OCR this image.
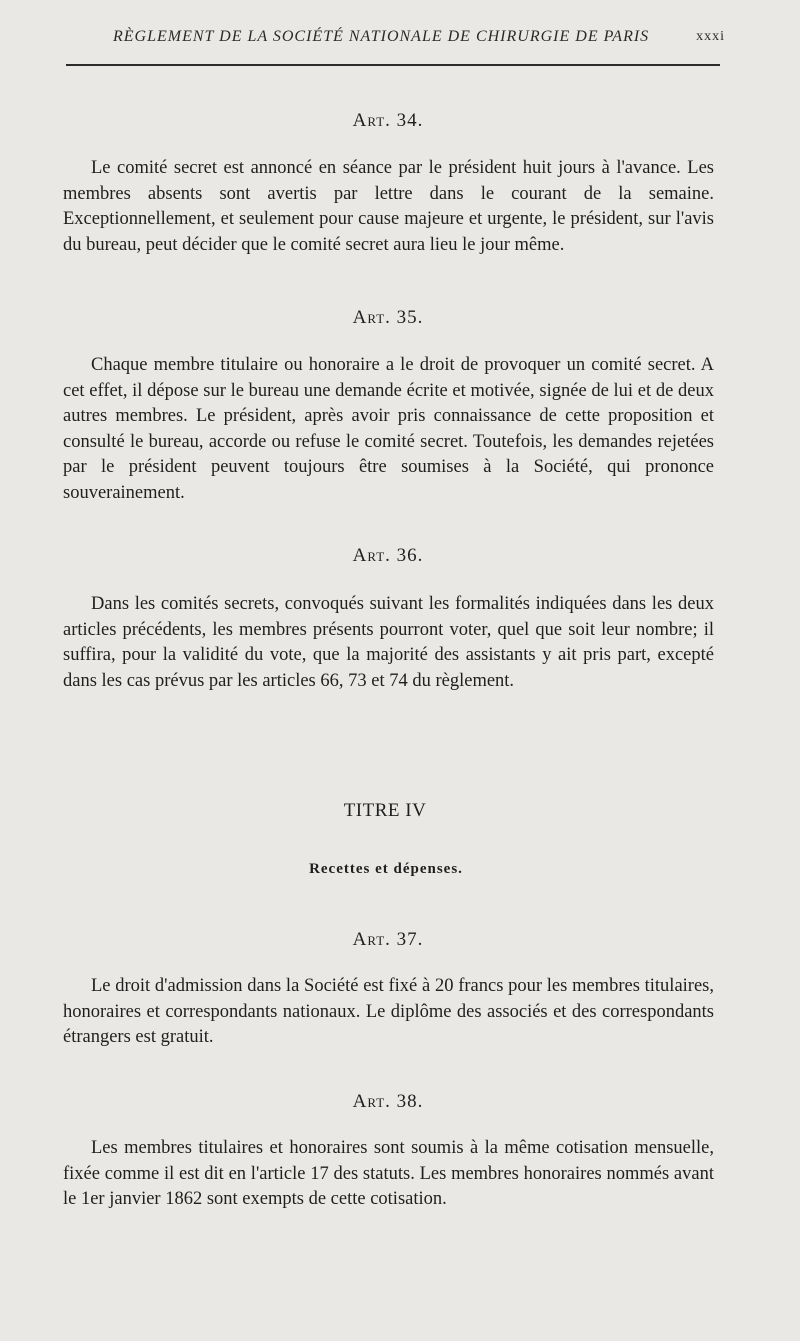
RÈGLEMENT DE LA SOCIÉTÉ NATIONALE DE CHIRURGIE DE PARIS	xxxi
Art. 34.
Le comité secret est annoncé en séance par le président huit jours à l'avance. Les membres absents sont avertis par lettre dans le courant de la semaine. Exceptionnellement, et seulement pour cause majeure et urgente, le président, sur l'avis du bureau, peut décider que le comité secret aura lieu le jour même.
Art. 35.
Chaque membre titulaire ou honoraire a le droit de provoquer un comité secret. A cet effet, il dépose sur le bureau une demande écrite et motivée, signée de lui et de deux autres membres. Le président, après avoir pris connaissance de cette proposition et consulté le bureau, accorde ou refuse le comité secret. Toutefois, les demandes rejetées par le président peuvent toujours être soumises à la Société, qui prononce souverainement.
Art. 36.
Dans les comités secrets, convoqués suivant les formalités indiquées dans les deux articles précédents, les membres présents pourront voter, quel que soit leur nombre; il suffira, pour la validité du vote, que la majorité des assistants y ait pris part, excepté dans les cas prévus par les articles 66, 73 et 74 du règlement.
TITRE IV
Recettes et dépenses.
Art. 37.
Le droit d'admission dans la Société est fixé à 20 francs pour les membres titulaires, honoraires et correspondants nationaux. Le diplôme des associés et des correspondants étrangers est gratuit.
Art. 38.
Les membres titulaires et honoraires sont soumis à la même cotisation mensuelle, fixée comme il est dit en l'article 17 des statuts. Les membres honoraires nommés avant le 1er janvier 1862 sont exempts de cette cotisation.
